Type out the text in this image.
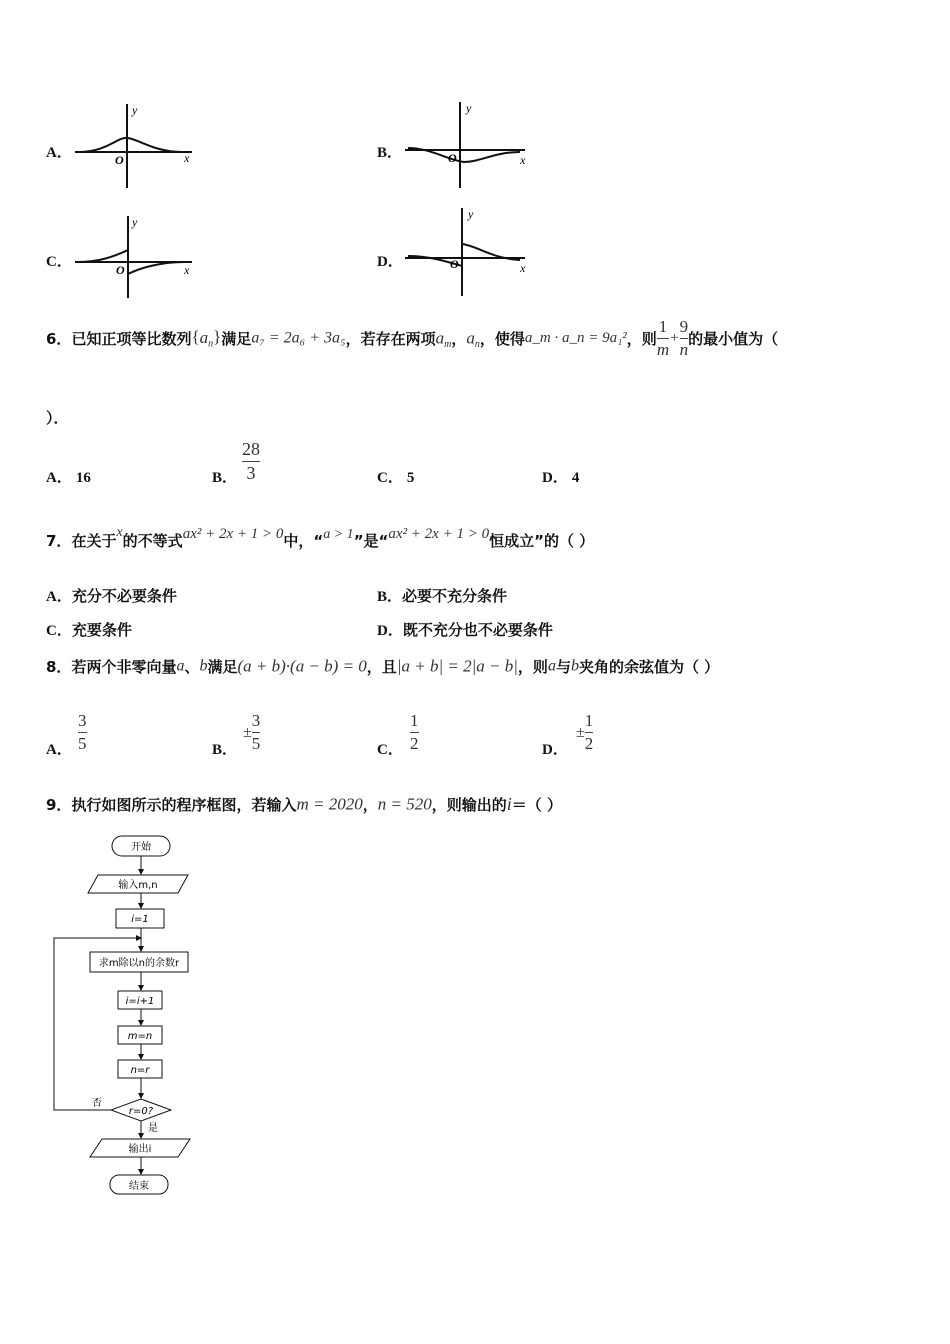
A．
y
x
O	B．
y
x
O
C．
y
x
O	D．
y
x
O
6．已知正项等比数列$\{a_n\}$满足a₇ = 2a₆ + 3a₅，若存在两项$a_m$，$a_n$，使得a_m · a_n = 9a₁²，则 $\frac{1}{m} + \frac{9}{n}$ 的最小值为（
）．
A． 16	B． $\frac{28}{3}$	C． 5	D． 4
7．在关于x的不等式ax² + 2x + 1 > 0中，“a > 1”是“ax² + 2x + 1 > 0恒成立”的（ ）
A．充分不必要条件	B．必要不充分条件
C．充要条件	D．既不充分也不必要条件
8．若两个非零向量a、b满足(a + b)·(a − b) = 0，且|a + b| = 2|a − b|，则a与b夹角的余弦值为（ ）
A． $\frac{3}{5}$	B．
± $\frac{3}{5}$	C． $\frac{1}{2}$	D．
± $\frac{1}{2}$
9．执行如图所示的程序框图，若输入m = 2020，n = 520，则输出的i＝（ ）
开始
输入m,n
i=1
求m除以n的余数r
i=i+1
m=n
n=r
r=0?
否
是
输出i
结束
